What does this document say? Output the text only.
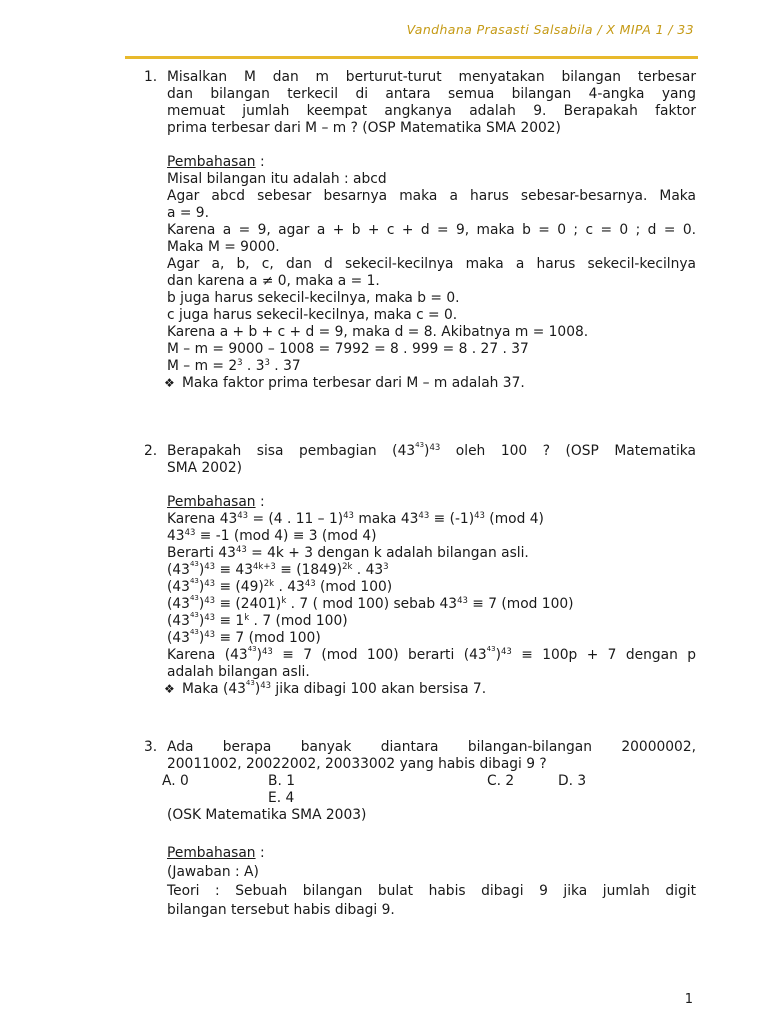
Vandhana Prasasti Salsabila / X MIPA 1 / 33
1. Misalkan M dan m berturut-turut menyatakan bilangan terbesar
dan bilangan terkecil di antara semua bilangan 4-angka yang
memuat jumlah keempat angkanya adalah 9. Berapakah faktor
prima terbesar dari M – m ? (OSP Matematika SMA 2002)
Pembahasan :
Misal bilangan itu adalah : abcd
Agar abcd sebesar besarnya maka a harus sebesar-besarnya. Maka
a = 9.
Karena a = 9, agar a + b + c + d = 9, maka b = 0 ; c = 0 ; d = 0.
Maka M = 9000.
Agar a, b, c, dan d sekecil-kecilnya maka a harus sekecil-kecilnya
dan karena a ≠ 0, maka a = 1.
b juga harus sekecil-kecilnya, maka b = 0.
c juga harus sekecil-kecilnya, maka c = 0.
Karena a + b + c + d = 9, maka d = 8. Akibatnya m = 1008.
M – m = 9000 – 1008 = 7992 = 8 . 999 = 8 . 27 . 37
$M - m = 2^3$ . $3^3$ . 37
❖ Maka faktor prima terbesar dari M – m adalah 37.
2. Berapakah sisa pembagian $(43^{43})^{43}$ oleh 100 ? (OSP Matematika
SMA 2002)
Pembahasan :
Karena $43^{43} = (4$ . 11 – 1)$^{43}$ maka $43^{43} \equiv (-1)^{43}$ (mod 4)
$43^{43} \equiv -1$ (mod 4) ≡ 3 (mod 4)
Berarti $43^{43} = 4k + 3$ dengan k adalah bilangan asli.
$(43^{43})^{43} \equiv 43^{4k+3} \equiv (1849)^{2k}$ . $43^3$
$(43^{43})^{43} \equiv (49)^{2k}$ . $43^{43}$ (mod 100)
$(43^{43})^{43} \equiv (2401)^k$ . 7 ( mod 100) sebab $43^{43} \equiv 7$ (mod 100)
$(43^{43})^{43} \equiv 1^k$ . 7 (mod 100)
$(43^{43})^{43} \equiv 7$ (mod 100)
Karena $(43^{43})^{43} \equiv 7$ (mod 100) berarti $(43^{43})^{43} \equiv 100p + 7$ dengan p
adalah bilangan asli.
❖ Maka $(43^{43})^{43}$ jika dibagi 100 akan bersisa 7.
3. Ada berapa banyak diantara bilangan-bilangan 20000002,
20011002, 20022002, 20033002 yang habis dibagi 9 ?
A. 0	B. 1	C. 2	D. 3
E. 4
(OSK Matematika SMA 2003)
Pembahasan :
(Jawaban : A)
Teori : Sebuah bilangan bulat habis dibagi 9 jika jumlah digit
bilangan tersebut habis dibagi 9.
1
